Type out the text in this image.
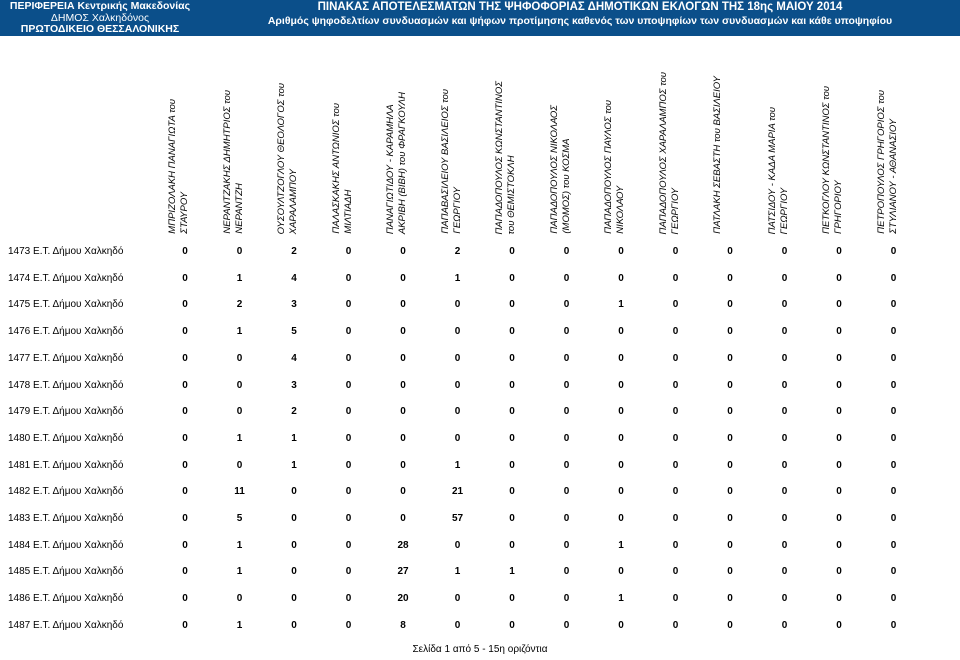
ΠΕΡΙΦΕΡΕΙΑ Κεντρικής Μακεδονίας
ΔΗΜΟΣ Χαλκηδόνος
ΠΡΩΤΟΔΙΚΕΙΟ ΘΕΣΣΑΛΟΝΙΚΗΣ
ΠΙΝΑΚΑΣ ΑΠΟΤΕΛΕΣΜΑΤΩΝ ΤΗΣ ΨΗΦΟΦΟΡΙΑΣ ΔΗΜΟΤΙΚΩΝ ΕΚΛΟΓΩΝ ΤΗΣ 18ης ΜΑΙΟΥ 2014
Αριθμός ψηφοδελτίων συνδυασμών και ψήφων προτίμησης καθενός των υποψηφίων των συνδυασμών και κάθε υποψηφίου
ΜΠΡΙΖΟΛΑΚΗ ΠΑΝΑΓΙΩΤΑ του ΣΤΑΥΡΟΥ	ΝΕΡΑΝΤΖΑΚΗΣ ΔΗΜΗΤΡΙΟΣ του ΝΕΡΑΝΤΖΗ	ΟΥΣΟΥΛΤΖΟΓΛΟΥ ΘΕΟΛΟΓΟΣ του ΧΑΡΑΛΑΜΠΟΥ	ΠΑΛΑΣΚΑΚΗΣ ΑΝΤΩΝΙΟΣ του ΜΙΛΤΙΑΔΗ	ΠΑΝΑΓΙΩΤΙΔΟΥ - ΚΑΡΑΜΗΛΑ ΑΚΡΙΒΗ (ΒΙΒΗ) του ΦΡΑΓΚΟΥΛΗ	ΠΑΠΑΒΑΣΙΛΕΙΟΥ ΒΑΣΙΛΕΙΟΣ του ΓΕΩΡΓΙΟΥ	ΠΑΠΑΔΟΠΟΥΛΟΣ ΚΩΝΣΤΑΝΤΙΝΟΣ του ΘΕΜΙΣΤΟΚΛΗ	ΠΑΠΑΔΟΠΟΥΛΟΣ ΝΙΚΟΛΑΟΣ (ΜΟΜΟΣ) του ΚΟΣΜΑ	ΠΑΠΑΔΟΠΟΥΛΟΣ ΠΑΥΛΟΣ του ΝΙΚΟΛΑΟΥ	ΠΑΠΑΔΟΠΟΥΛΟΣ ΧΑΡΑΛΑΜΠΟΣ του ΓΕΩΡΓΙΟΥ	ΠΑΤΛΑΚΗ ΣΕΒΑΣΤΗ του ΒΑΣΙΛΕΙΟΥ	ΠΑΤΣΙΔΟΥ - ΚΑΔΑ ΜΑΡΙΑ του ΓΕΩΡΓΙΟΥ	ΠΕΤΚΟΓΛΟΥ ΚΩΝΣΤΑΝΤΙΝΟΣ του ΓΡΗΓΟΡΙΟΥ	ΠΕΤΡΟΠΟΥΛΟΣ ΓΡΗΓΟΡΙΟΣ του ΣΤΥΛΙΑΝΟΥ - ΑΘΑΝΑΣΙΟΥ
1473 Ε.Τ. Δήμου Χαλκηδό	0	0	2	0	0	2	0	0	0	0	0	0	0	0
1474 Ε.Τ. Δήμου Χαλκηδό	0	1	4	0	0	1	0	0	0	0	0	0	0	0
1475 Ε.Τ. Δήμου Χαλκηδό	0	2	3	0	0	0	0	0	1	0	0	0	0	0
1476 Ε.Τ. Δήμου Χαλκηδό	0	1	5	0	0	0	0	0	0	0	0	0	0	0
1477 Ε.Τ. Δήμου Χαλκηδό	0	0	4	0	0	0	0	0	0	0	0	0	0	0
1478 Ε.Τ. Δήμου Χαλκηδό	0	0	3	0	0	0	0	0	0	0	0	0	0	0
1479 Ε.Τ. Δήμου Χαλκηδό	0	0	2	0	0	0	0	0	0	0	0	0	0	0
1480 Ε.Τ. Δήμου Χαλκηδό	0	1	1	0	0	0	0	0	0	0	0	0	0	0
1481 Ε.Τ. Δήμου Χαλκηδό	0	0	1	0	0	1	0	0	0	0	0	0	0	0
1482 Ε.Τ. Δήμου Χαλκηδό	0	11	0	0	0	21	0	0	0	0	0	0	0	0
1483 Ε.Τ. Δήμου Χαλκηδό	0	5	0	0	0	57	0	0	0	0	0	0	0	0
1484 Ε.Τ. Δήμου Χαλκηδό	0	1	0	0	28	0	0	0	1	0	0	0	0	0
1485 Ε.Τ. Δήμου Χαλκηδό	0	1	0	0	27	1	1	0	0	0	0	0	0	0
1486 Ε.Τ. Δήμου Χαλκηδό	0	0	0	0	20	0	0	0	1	0	0	0	0	0
1487 Ε.Τ. Δήμου Χαλκηδό	0	1	0	0	8	0	0	0	0	0	0	0	0	0
Σελίδα 1 από 5 - 15η οριζόντια
